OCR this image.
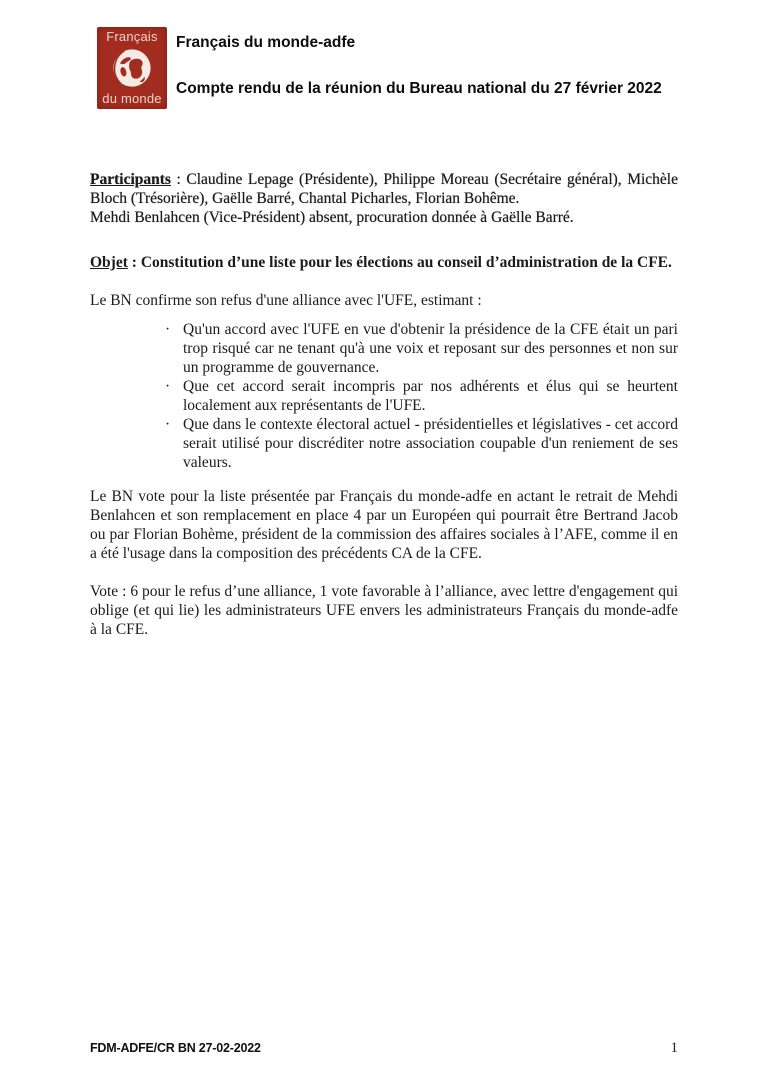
Français
du monde
Français du monde-adfe
Compte rendu de la réunion du Bureau national du 27 février 2022

Participants : Claudine Lepage (Présidente), Philippe Moreau (Secrétaire général), Michèle Bloch (Trésorière), Gaëlle Barré, Chantal Picharles, Florian Bohême.
Mehdi Benlahcen (Vice-Président) absent, procuration donnée à Gaëlle Barré.

Objet : Constitution d’une liste pour les élections au conseil d’administration de la CFE.

Le BN confirme son refus d'une alliance avec l'UFE, estimant :

· Qu'un accord avec l'UFE en vue d'obtenir la présidence de la CFE était un pari trop risqué car ne tenant qu'à une voix et reposant sur des personnes et non sur un programme de gouvernance.
· Que cet accord serait incompris par nos adhérents et élus qui se heurtent localement aux représentants de l'UFE.
· Que dans le contexte électoral actuel - présidentielles et législatives - cet accord serait utilisé pour discréditer notre association coupable d'un reniement de ses valeurs.

Le BN vote pour la liste présentée par Français du monde-adfe en actant le retrait de Mehdi Benlahcen et son remplacement en place 4 par un Européen qui pourrait être Bertrand Jacob ou par Florian Bohème, président de la commission des affaires sociales à l’AFE, comme il en a été l'usage dans la composition des précédents CA de la CFE.

Vote : 6 pour le refus d’une alliance, 1 vote favorable à l’alliance, avec lettre d'engagement qui oblige (et qui lie) les administrateurs UFE envers les administrateurs Français du monde-adfe à la CFE.

FDM-ADFE/CR BN 27-02-2022	1
